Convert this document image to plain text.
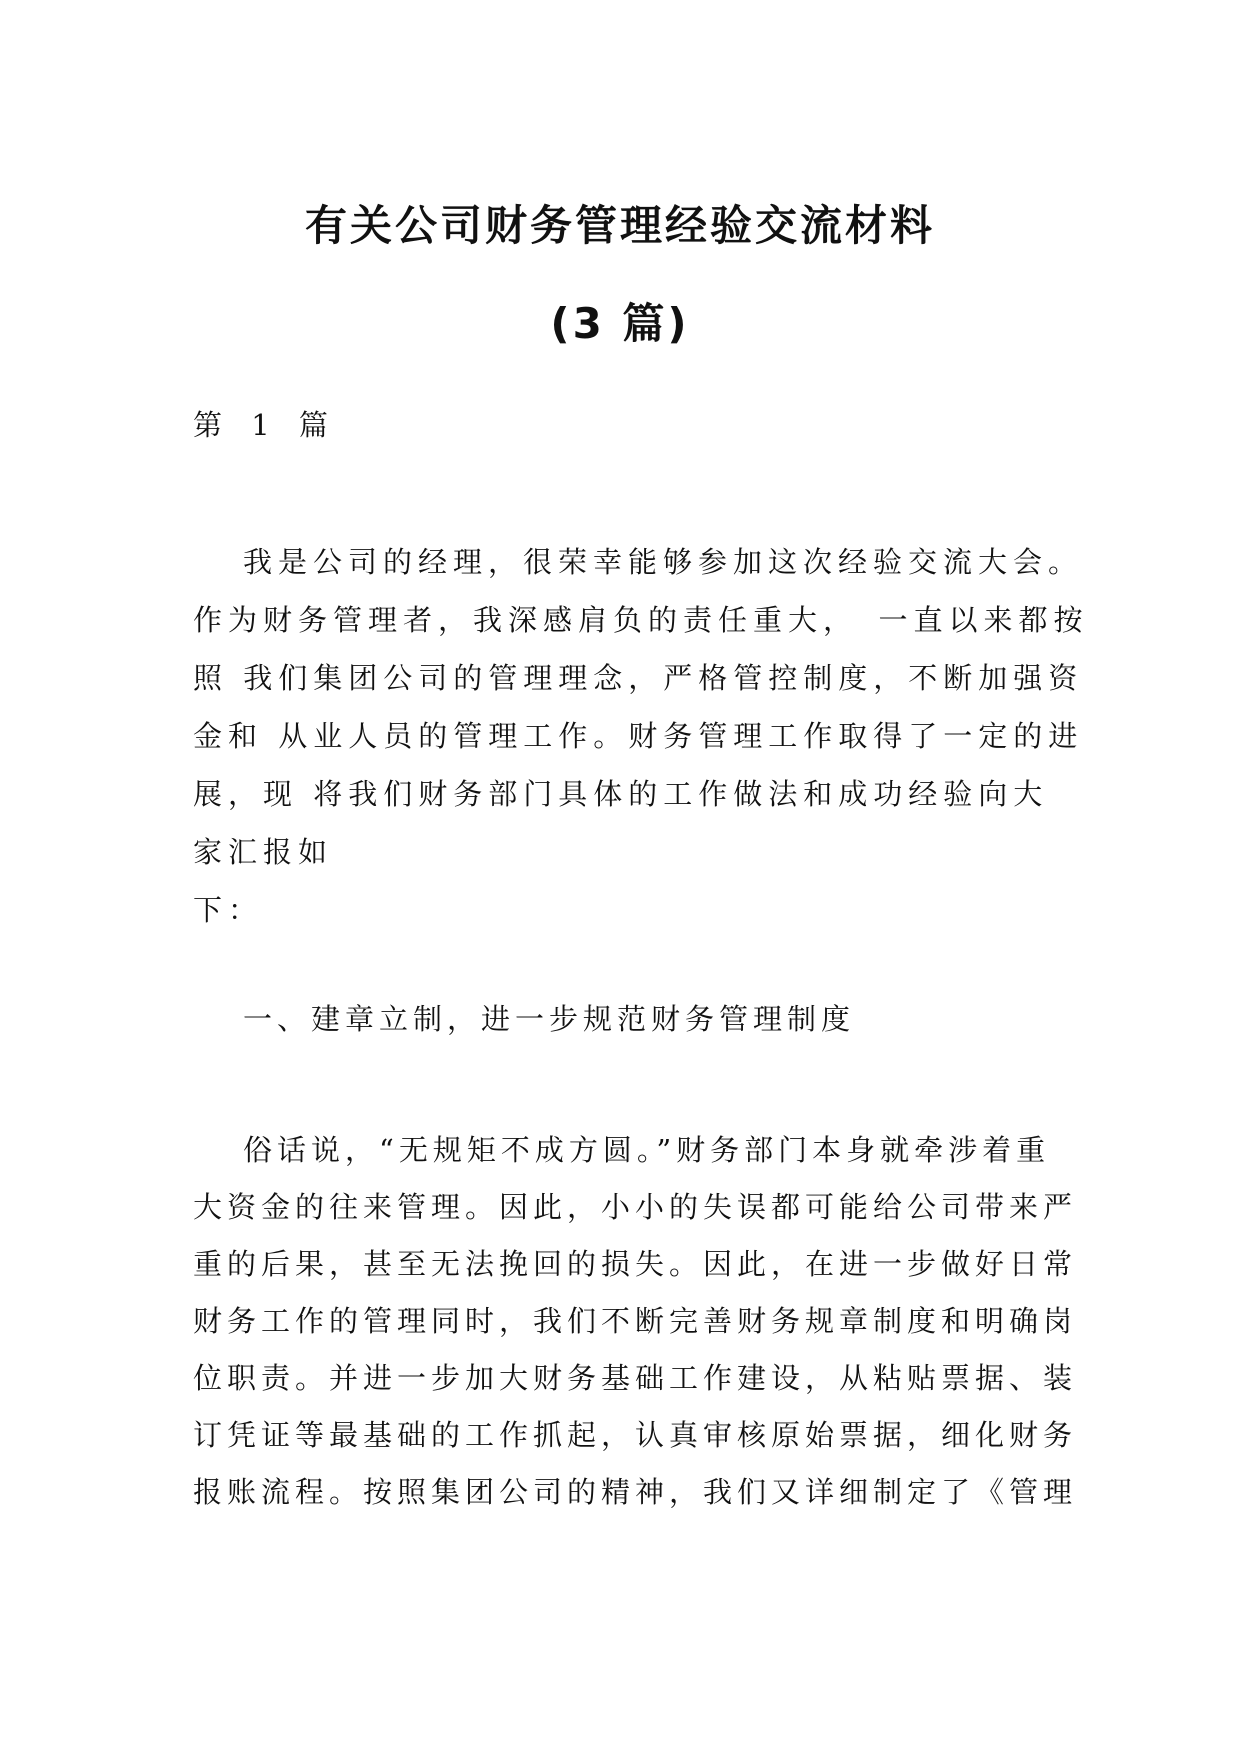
有关公司财务管理经验交流材料
(3 篇)

第 1 篇

我是公司的经理，很荣幸能够参加这次经验交流大会。
作为财务管理者，我深感肩负的责任重大，　一直以来都按
照 我们集团公司的管理理念，严格管控制度，不断加强资
金和 从业人员的管理工作。财务管理工作取得了一定的进
展，现 将我们财务部门具体的工作做法和成功经验向大
家汇报如
下：

一、建章立制，进一步规范财务管理制度

俗话说，“无规矩不成方圆。”财务部门本身就牵涉着重
大资金的往来管理。因此，小小的失误都可能给公司带来严
重的后果，甚至无法挽回的损失。因此，在进一步做好日常
财务工作的管理同时，我们不断完善财务规章制度和明确岗
位职责。并进一步加大财务基础工作建设，从粘贴票据、装
订凭证等最基础的工作抓起，认真审核原始票据，细化财务
报账流程。按照集团公司的精神，我们又详细制定了《管理
